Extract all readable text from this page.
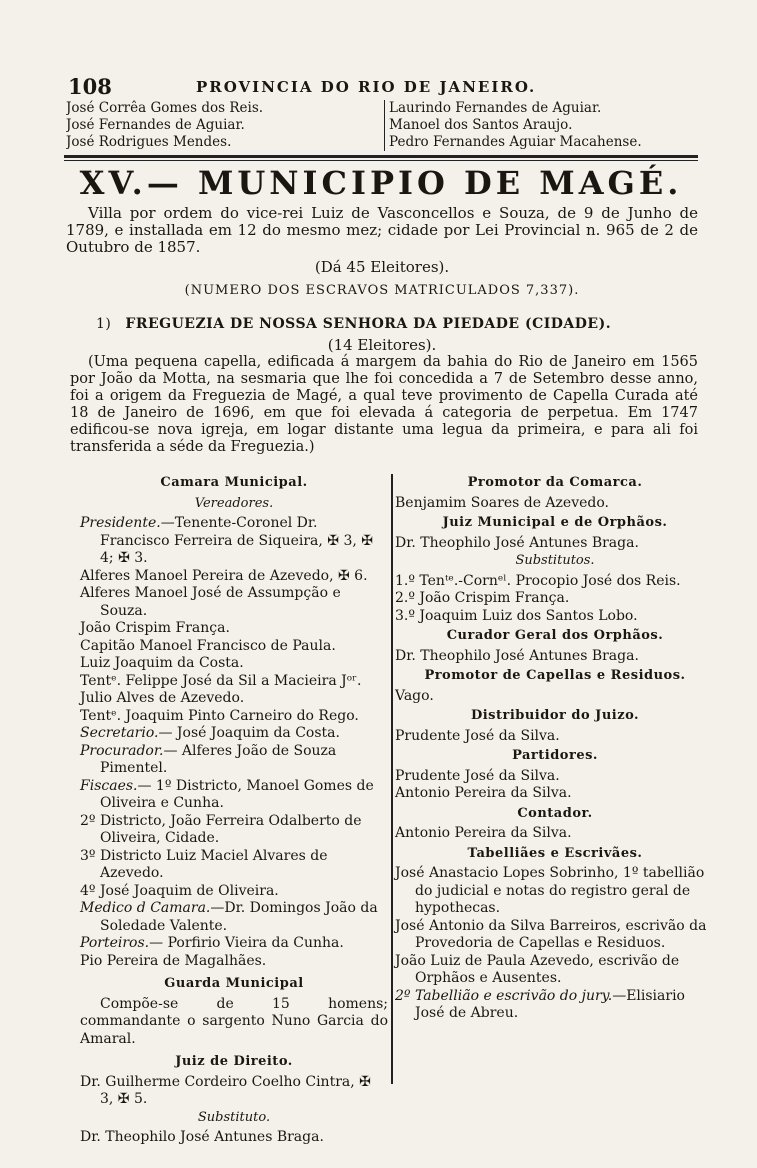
108	PROVINCIA DO RIO DE JANEIRO.
José Corrêa Gomes dos Reis.
José Fernandes de Aguiar.
José Rodrigues Mendes.
Laurindo Fernandes de Aguiar.
Manoel dos Santos Araujo.
Pedro Fernandes Aguiar Macahense.
XV.— MUNICIPIO DE MAGÉ.
Villa por ordem do vice-rei Luiz de Vasconcellos e Souza, de 9 de Junho de 1789, e installada em 12 do mesmo mez; cidade por Lei Provincial n. 965 de 2 de Outubro de 1857.
(Dá 45 Eleitores).
(NUMERO DOS ESCRAVOS MATRICULADOS 7,337).
1) FREGUEZIA DE NOSSA SENHORA DA PIEDADE (CIDADE).
(14 Eleitores).
(Uma pequena capella, edificada á margem da bahia do Rio de Janeiro em 1565 por João da Motta, na sesmaria que lhe foi concedida a 7 de Setembro desse anno, foi a origem da Freguezia de Magé, a qual teve provimento de Capella Curada até 18 de Janeiro de 1696, em que foi elevada á categoria de perpetua. Em 1747 edificou-se nova igreja, em logar distante uma legua da primeira, e para ali foi transferida a séde da Freguezia.)
Camara Municipal.
Vereadores.
Presidente.—Tenente-Coronel Dr. Francisco Ferreira de Siqueira, ✠ 3, ✠ 4; ✠ 3.
Alferes Manoel Pereira de Azevedo, ✠ 6.
Alferes Manoel José de Assumpção e Souza.
João Crispim França.
Capitão Manoel Francisco de Paula.
Luiz Joaquim da Costa.
Tentᵉ. Felippe José da Sil a Macieira Jᵒʳ.
Julio Alves de Azevedo.
Tentᵉ. Joaquim Pinto Carneiro do Rego.
Secretario.— José Joaquim da Costa.
Procurador.— Alferes João de Souza Pimentel.
Fiscaes.— 1º Districto, Manoel Gomes de Oliveira e Cunha.
2º Districto, João Ferreira Odalberto de Oliveira, Cidade.
3º Districto Luiz Maciel Alvares de Azevedo.
4º José Joaquim de Oliveira.
Medico d Camara.—Dr. Domingos João da Soledade Valente.
Porteiros.— Porfirio Vieira da Cunha.
Pio Pereira de Magalhães.
Guarda Municipal
Compõe-se de 15 homens; commandante o sargento Nuno Garcia do Amaral.
Juiz de Direito.
Dr. Guilherme Cordeiro Coelho Cintra, ✠ 3, ✠ 5.
Substituto.
Dr. Theophilo José Antunes Braga.
Promotor da Comarca.
Benjamim Soares de Azevedo.
Juiz Municipal e de Orphãos.
Dr. Theophilo José Antunes Braga.
Substitutos.
1.º Tenᵗᵉ.-Cornᵉˡ. Procopio José dos Reis.
2.º João Crispim França.
3.º Joaquim Luiz dos Santos Lobo.
Curador Geral dos Orphãos.
Dr. Theophilo José Antunes Braga.
Promotor de Capellas e Residuos.
Vago.
Distribuidor do Juizo.
Prudente José da Silva.
Partidores.
Prudente José da Silva.
Antonio Pereira da Silva.
Contador.
Antonio Pereira da Silva.
Tabelliães e Escrivães.
José Anastacio Lopes Sobrinho, 1º tabellião do judicial e notas do registro geral de hypothecas.
José Antonio da Silva Barreiros, escrivão da Provedoria de Capellas e Residuos.
João Luiz de Paula Azevedo, escrivão de Orphãos e Ausentes.
2º Tabellião e escrivão do jury.—Elisiario José de Abreu.
